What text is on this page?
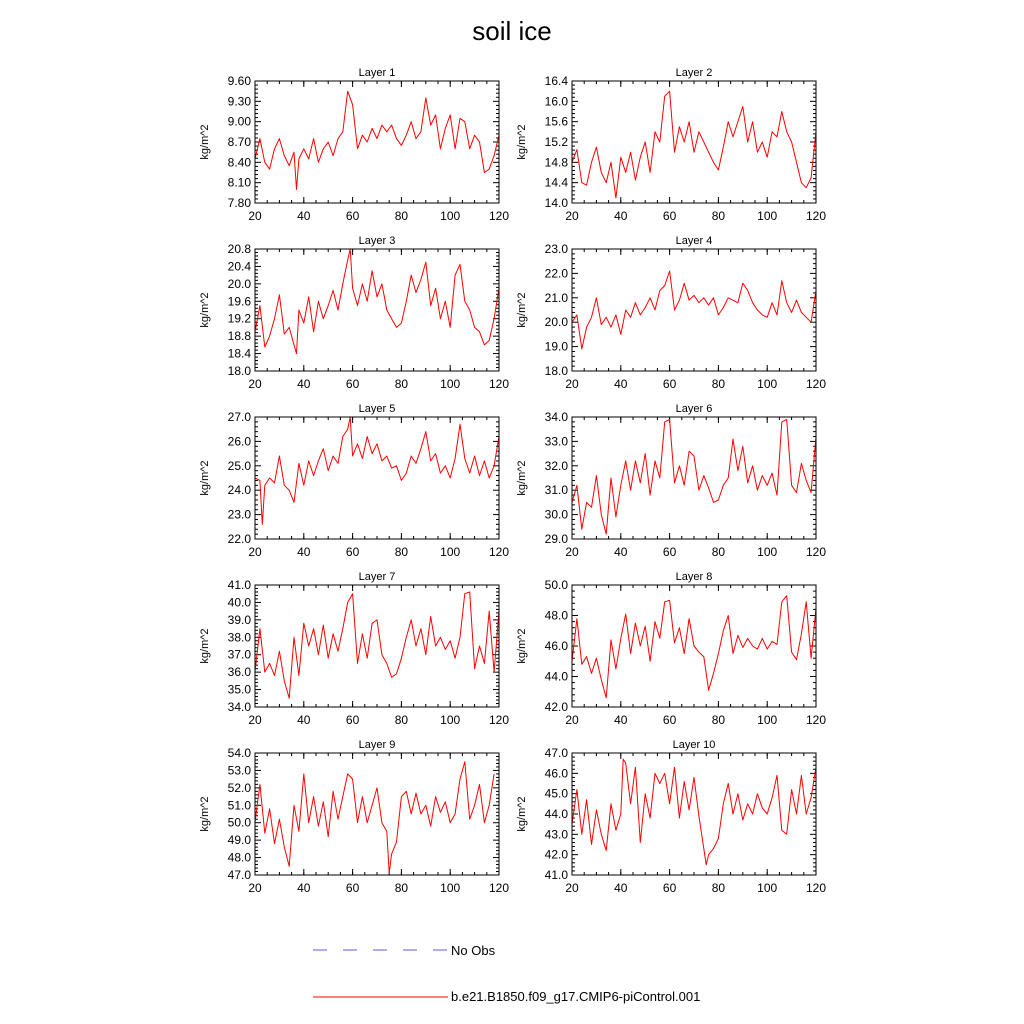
soil ice
Layer 1
kg/m^2
20	40	60	80	100 120
7.80
8.10
8.40
8.70
9.00
9.30
9.60
Layer 2
kg/m^2
20	40	60	80	100 120
14.0
14.4
14.8
15.2
15.6
16.0
16.4
Layer 3
kg/m^2
20	40	60	80	100 120
18.0
18.4
18.8
19.2
19.6
20.0
20.4
20.8
Layer 4
kg/m^2
20	40	60	80	100 120
18.0
19.0
20.0
21.0
22.0
23.0
Layer 5
kg/m^2
20	40	60	80	100 120
22.0
23.0
24.0
25.0
26.0
27.0
Layer 6
kg/m^2
20	40	60	80	100 120
29.0
30.0
31.0
32.0
33.0
34.0
Layer 7
kg/m^2
20	40	60	80	100 120
34.0
35.0
36.0
37.0
38.0
39.0
40.0
41.0
Layer 8
kg/m^2
20	40	60	80	100 120
42.0
44.0
46.0
48.0
50.0
Layer 9
kg/m^2
20	40	60	80	100 120
47.0
48.0
49.0
50.0
51.0
52.0
53.0
54.0
Layer 10
kg/m^2
20	40	60	80	100 120
41.0
42.0
43.0
44.0
45.0
46.0
47.0
No Obs
b.e21.B1850.f09_g17.CMIP6-piControl.001
